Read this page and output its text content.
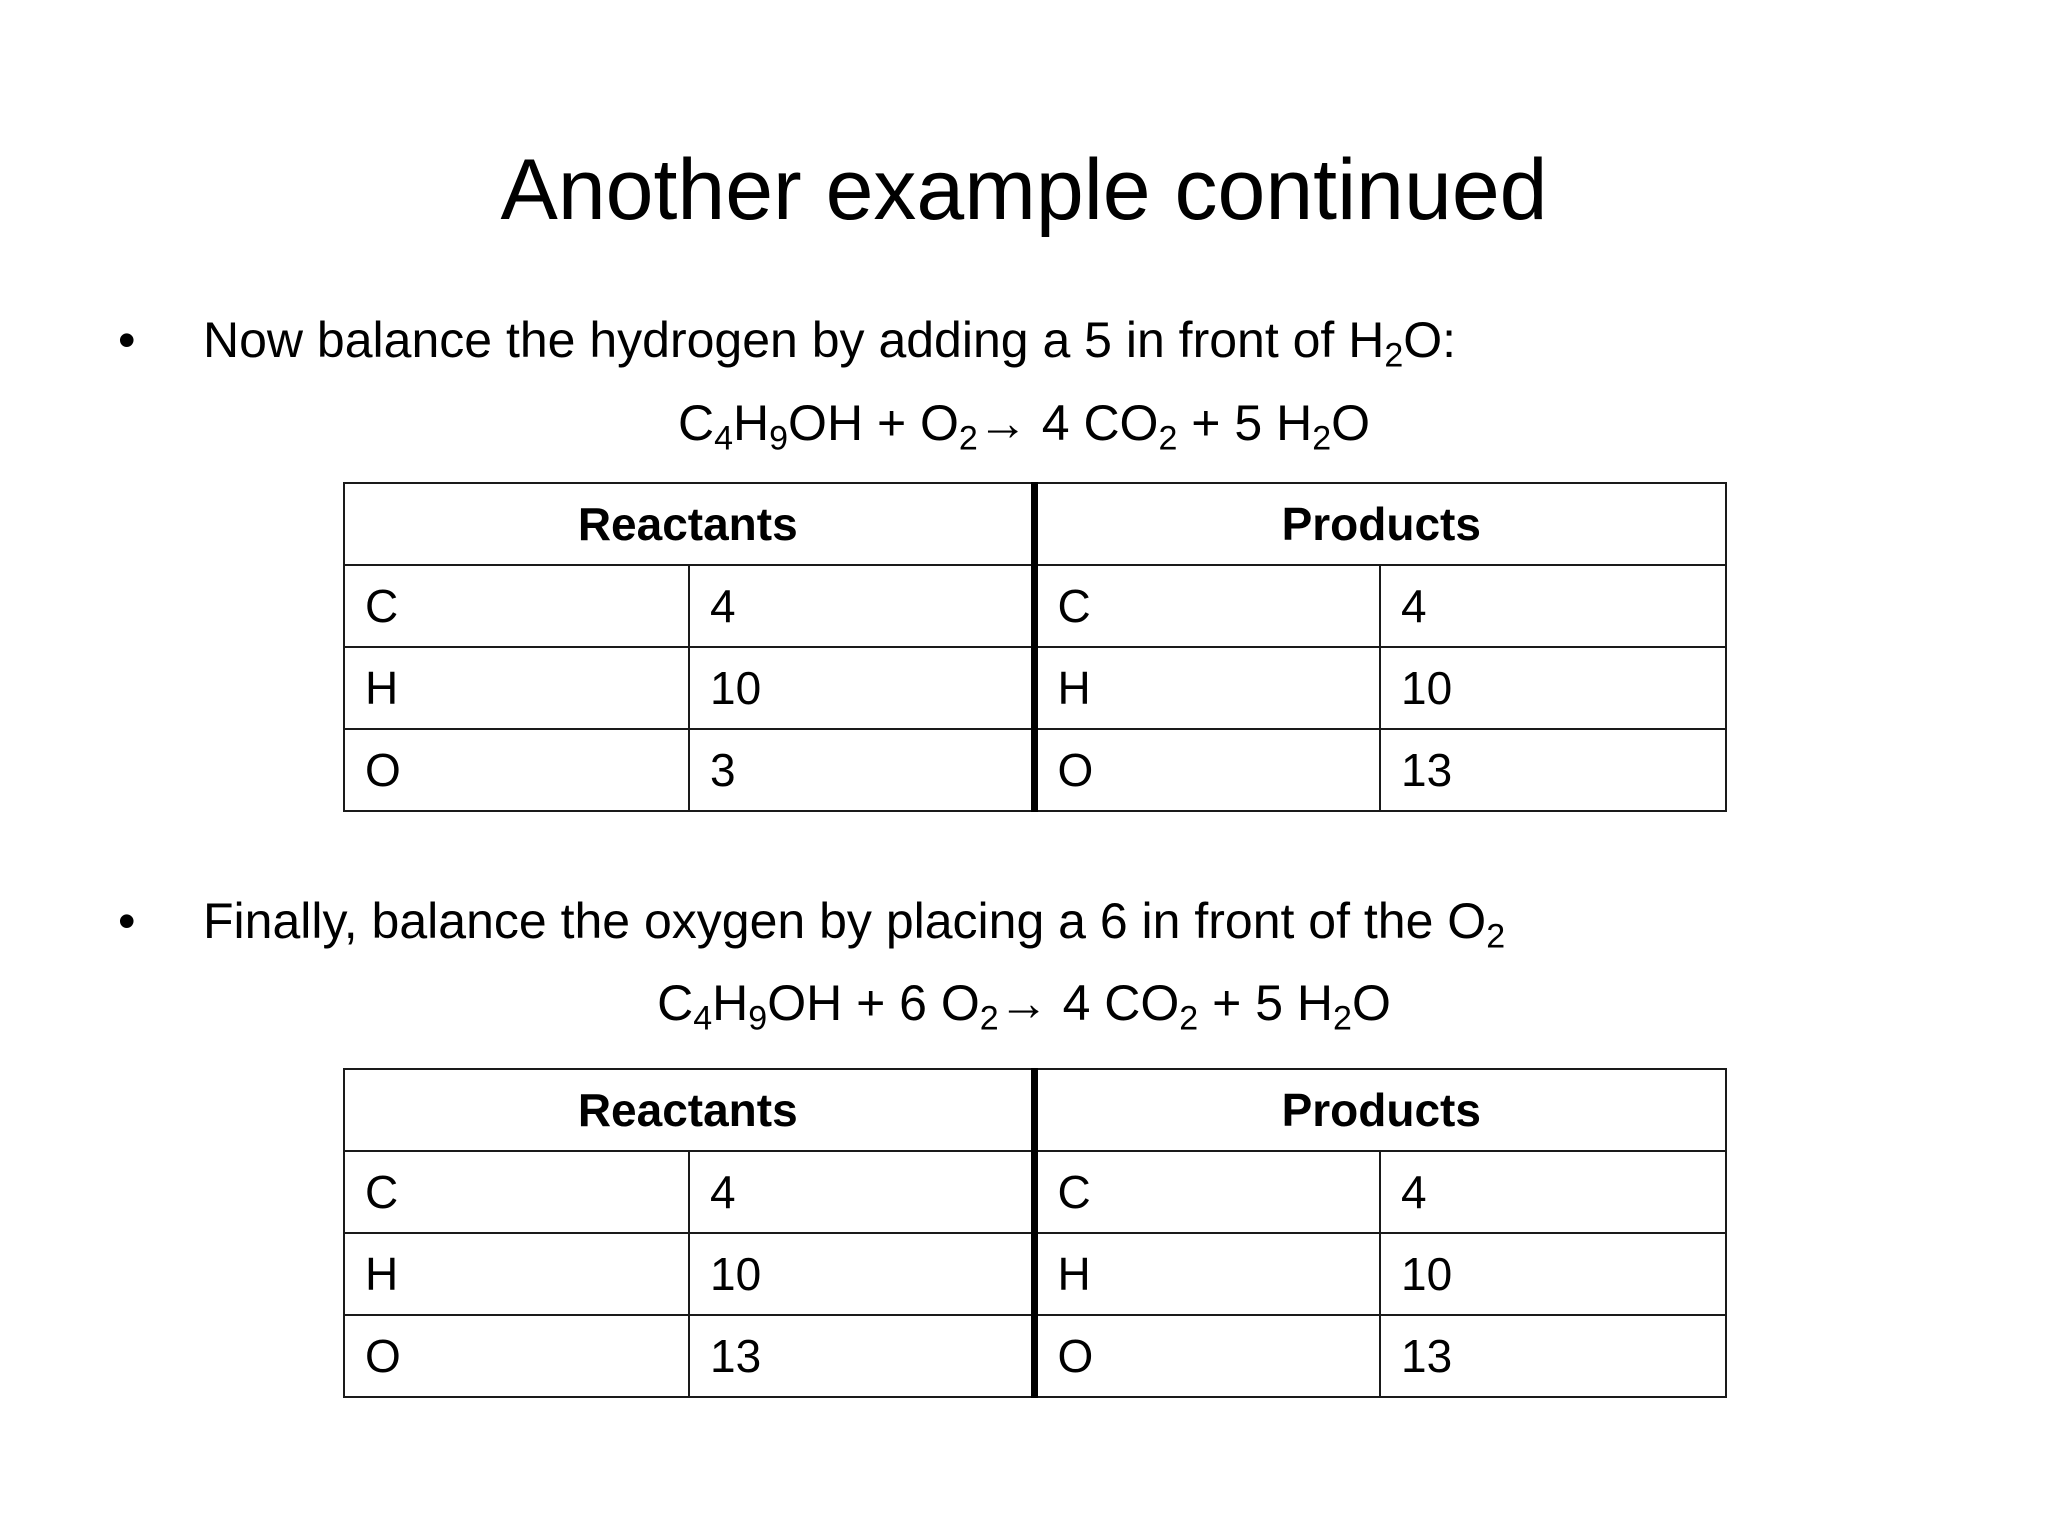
Another example continued
• Now balance the hydrogen by adding a 5 in front of $H_2O$:
$C_4H_9OH + O_2\to 4$ $CO_2 + 5$ $H_2O$
Reactants		Products	
C	4	C	4
H	10	H	10
O	3	O	13
• Finally, balance the oxygen by placing a 6 in front of the $O_2$
$C_4H_9OH + 6$ $O_2\to 4$ $CO_2 + 5$ $H_2O$
Reactants		Products	
C	4	C	4
H	10	H	10
O	13	O	13
